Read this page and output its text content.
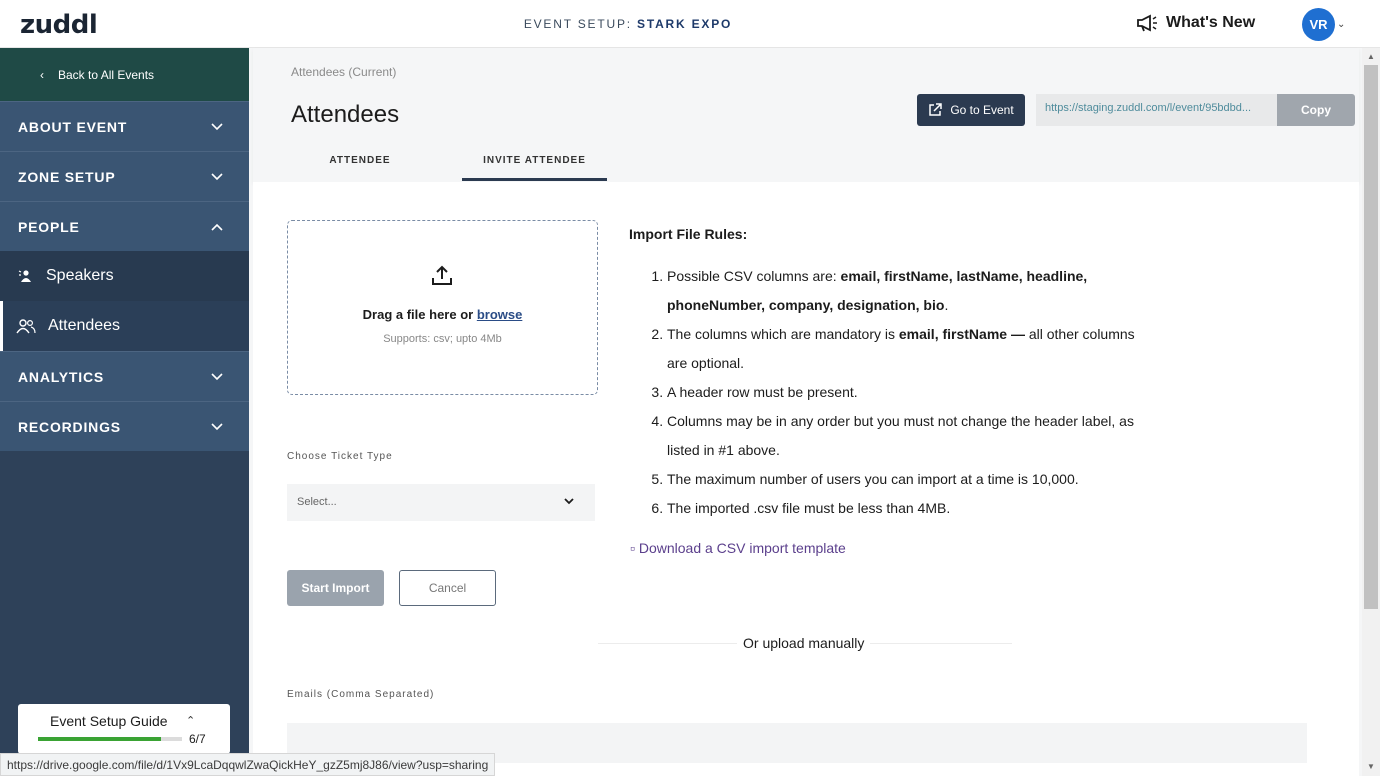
zuddl	EVENT SETUP: STARK EXPO	What's New	VR ⌄
‹ Back to All Events
ABOUT EVENT
ZONE SETUP
PEOPLE
Speakers
Attendees
ANALYTICS
RECORDINGS
Event Setup Guide ⌃
6/7
Attendees (Current)
Attendees	Go to Event	https://staging.zuddl.com/l/event/95bdbd...	Copy
ATTENDEE	INVITE ATTENDEE
Drag a file here or browse
Supports: csv; upto 4Mb
Choose Ticket Type
Select...
Start Import	Cancel
Import File Rules:
1. Possible CSV columns are: email, firstName, lastName, headline, phoneNumber, company, designation, bio.
2. The columns which are mandatory is email, firstName — all other columns are optional.
3. A header row must be present.
4. Columns may be in any order but you must not change the header label, as listed in #1 above.
5. The maximum number of users you can import at a time is 10,000.
6. The imported .csv file must be less than 4MB.
▫ Download a CSV import template
Or upload manually
Emails (Comma Separated)
▲
▼
https://drive.google.com/file/d/1Vx9LcaDqqwlZwaQickHeY_gzZ5mj8J86/view?usp=sharing
